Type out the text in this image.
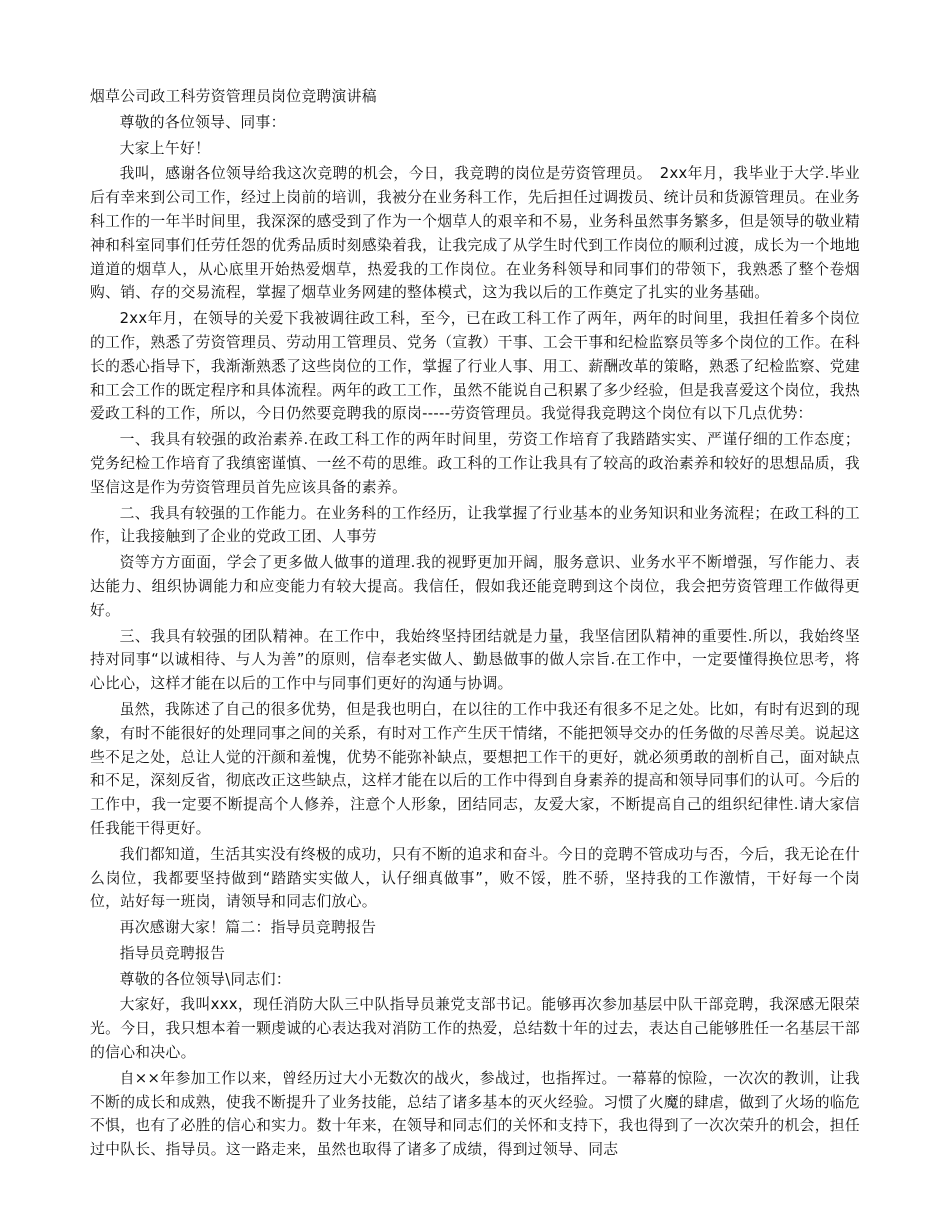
烟草公司政工科劳资管理员岗位竞聘演讲稿

尊敬的各位领导、同事：

大家上午好！

我叫，感谢各位领导给我这次竞聘的机会，今日，我竞聘的岗位是劳资管理员。　2xx年月，我毕业于大学.毕业后有幸来到公司工作，经过上岗前的培训，我被分在业务科工作，先后担任过调拨员、统计员和货源管理员。在业务科工作的一年半时间里，我深深的感受到了作为一个烟草人的艰辛和不易，业务科虽然事务繁多，但是领导的敬业精神和科室同事们任劳任怨的优秀品质时刻感染着我，让我完成了从学生时代到工作岗位的顺利过渡，成长为一个地地道道的烟草人，从心底里开始热爱烟草，热爱我的工作岗位。在业务科领导和同事们的带领下，我熟悉了整个卷烟购、销、存的交易流程，掌握了烟草业务网建的整体模式，这为我以后的工作奠定了扎实的业务基础。

2xx年月，在领导的关爱下我被调往政工科，至今，已在政工科工作了两年，两年的时间里，我担任着多个岗位的工作，熟悉了劳资管理员、劳动用工管理员、党务（宣教）干事、工会干事和纪检监察员等多个岗位的工作。在科长的悉心指导下，我渐渐熟悉了这些岗位的工作，掌握了行业人事、用工、薪酬改革的策略，熟悉了纪检监察、党建和工会工作的既定程序和具体流程。两年的政工工作，虽然不能说自己积累了多少经验，但是我喜爱这个岗位，我热爱政工科的工作，所以，今日仍然要竞聘我的原岗-----劳资管理员。我觉得我竞聘这个岗位有以下几点优势：

一、我具有较强的政治素养.在政工科工作的两年时间里，劳资工作培育了我踏踏实实、严谨仔细的工作态度；党务纪检工作培育了我缜密谨慎、一丝不苟的思维。政工科的工作让我具有了较高的政治素养和较好的思想品质，我坚信这是作为劳资管理员首先应该具备的素养。

二、我具有较强的工作能力。在业务科的工作经历，让我掌握了行业基本的业务知识和业务流程；在政工科的工作，让我接触到了企业的党政工团、人事劳

资等方方面面，学会了更多做人做事的道理.我的视野更加开阔，服务意识、业务水平不断增强，写作能力、表达能力、组织协调能力和应变能力有较大提高。我信任，假如我还能竞聘到这个岗位，我会把劳资管理工作做得更好。

三、我具有较强的团队精神。在工作中，我始终坚持团结就是力量，我坚信团队精神的重要性.所以，我始终坚持对同事“以诚相待、与人为善”的原则，信奉老实做人、勤恳做事的做人宗旨.在工作中，一定要懂得换位思考，将心比心，这样才能在以后的工作中与同事们更好的沟通与协调。

虽然，我陈述了自己的很多优势，但是我也明白，在以往的工作中我还有很多不足之处。比如，有时有迟到的现象，有时不能很好的处理同事之间的关系，有时对工作产生厌干情绪，不能把领导交办的任务做的尽善尽美。说起这些不足之处，总让人觉的汗颜和羞愧，优势不能弥补缺点，要想把工作干的更好，就必须勇敢的剖析自己，面对缺点和不足，深刻反省，彻底改正这些缺点，这样才能在以后的工作中得到自身素养的提高和领导同事们的认可。今后的工作中，我一定要不断提高个人修养，注意个人形象，团结同志，友爱大家，不断提高自己的组织纪律性.请大家信任我能干得更好。

我们都知道，生活其实没有终极的成功，只有不断的追求和奋斗。今日的竞聘不管成功与否，今后，我无论在什么岗位，我都要坚持做到“踏踏实实做人，认仔细真做事”，败不馁，胜不骄，坚持我的工作激情，干好每一个岗位，站好每一班岗，请领导和同志们放心。

再次感谢大家！篇二：指导员竞聘报告

指导员竞聘报告

尊敬的各位领导\同志们：

大家好，我叫xxx，现任消防大队三中队指导员兼党支部书记。能够再次参加基层中队干部竞聘，我深感无限荣光。今日，我只想本着一颗虔诚的心表达我对消防工作的热爱，总结数十年的过去，表达自己能够胜任一名基层干部的信心和决心。

自××年参加工作以来，曾经历过大小无数次的战火，参战过，也指挥过。一幕幕的惊险，一次次的教训，让我不断的成长和成熟，使我不断提升了业务技能，总结了诸多基本的灭火经验。习惯了火魔的肆虐，做到了火场的临危不惧，也有了必胜的信心和实力。数十年来，在领导和同志们的关怀和支持下，我也得到了一次次荣升的机会，担任过中队长、指导员。这一路走来，虽然也取得了诸多了成绩，得到过领导、同志
